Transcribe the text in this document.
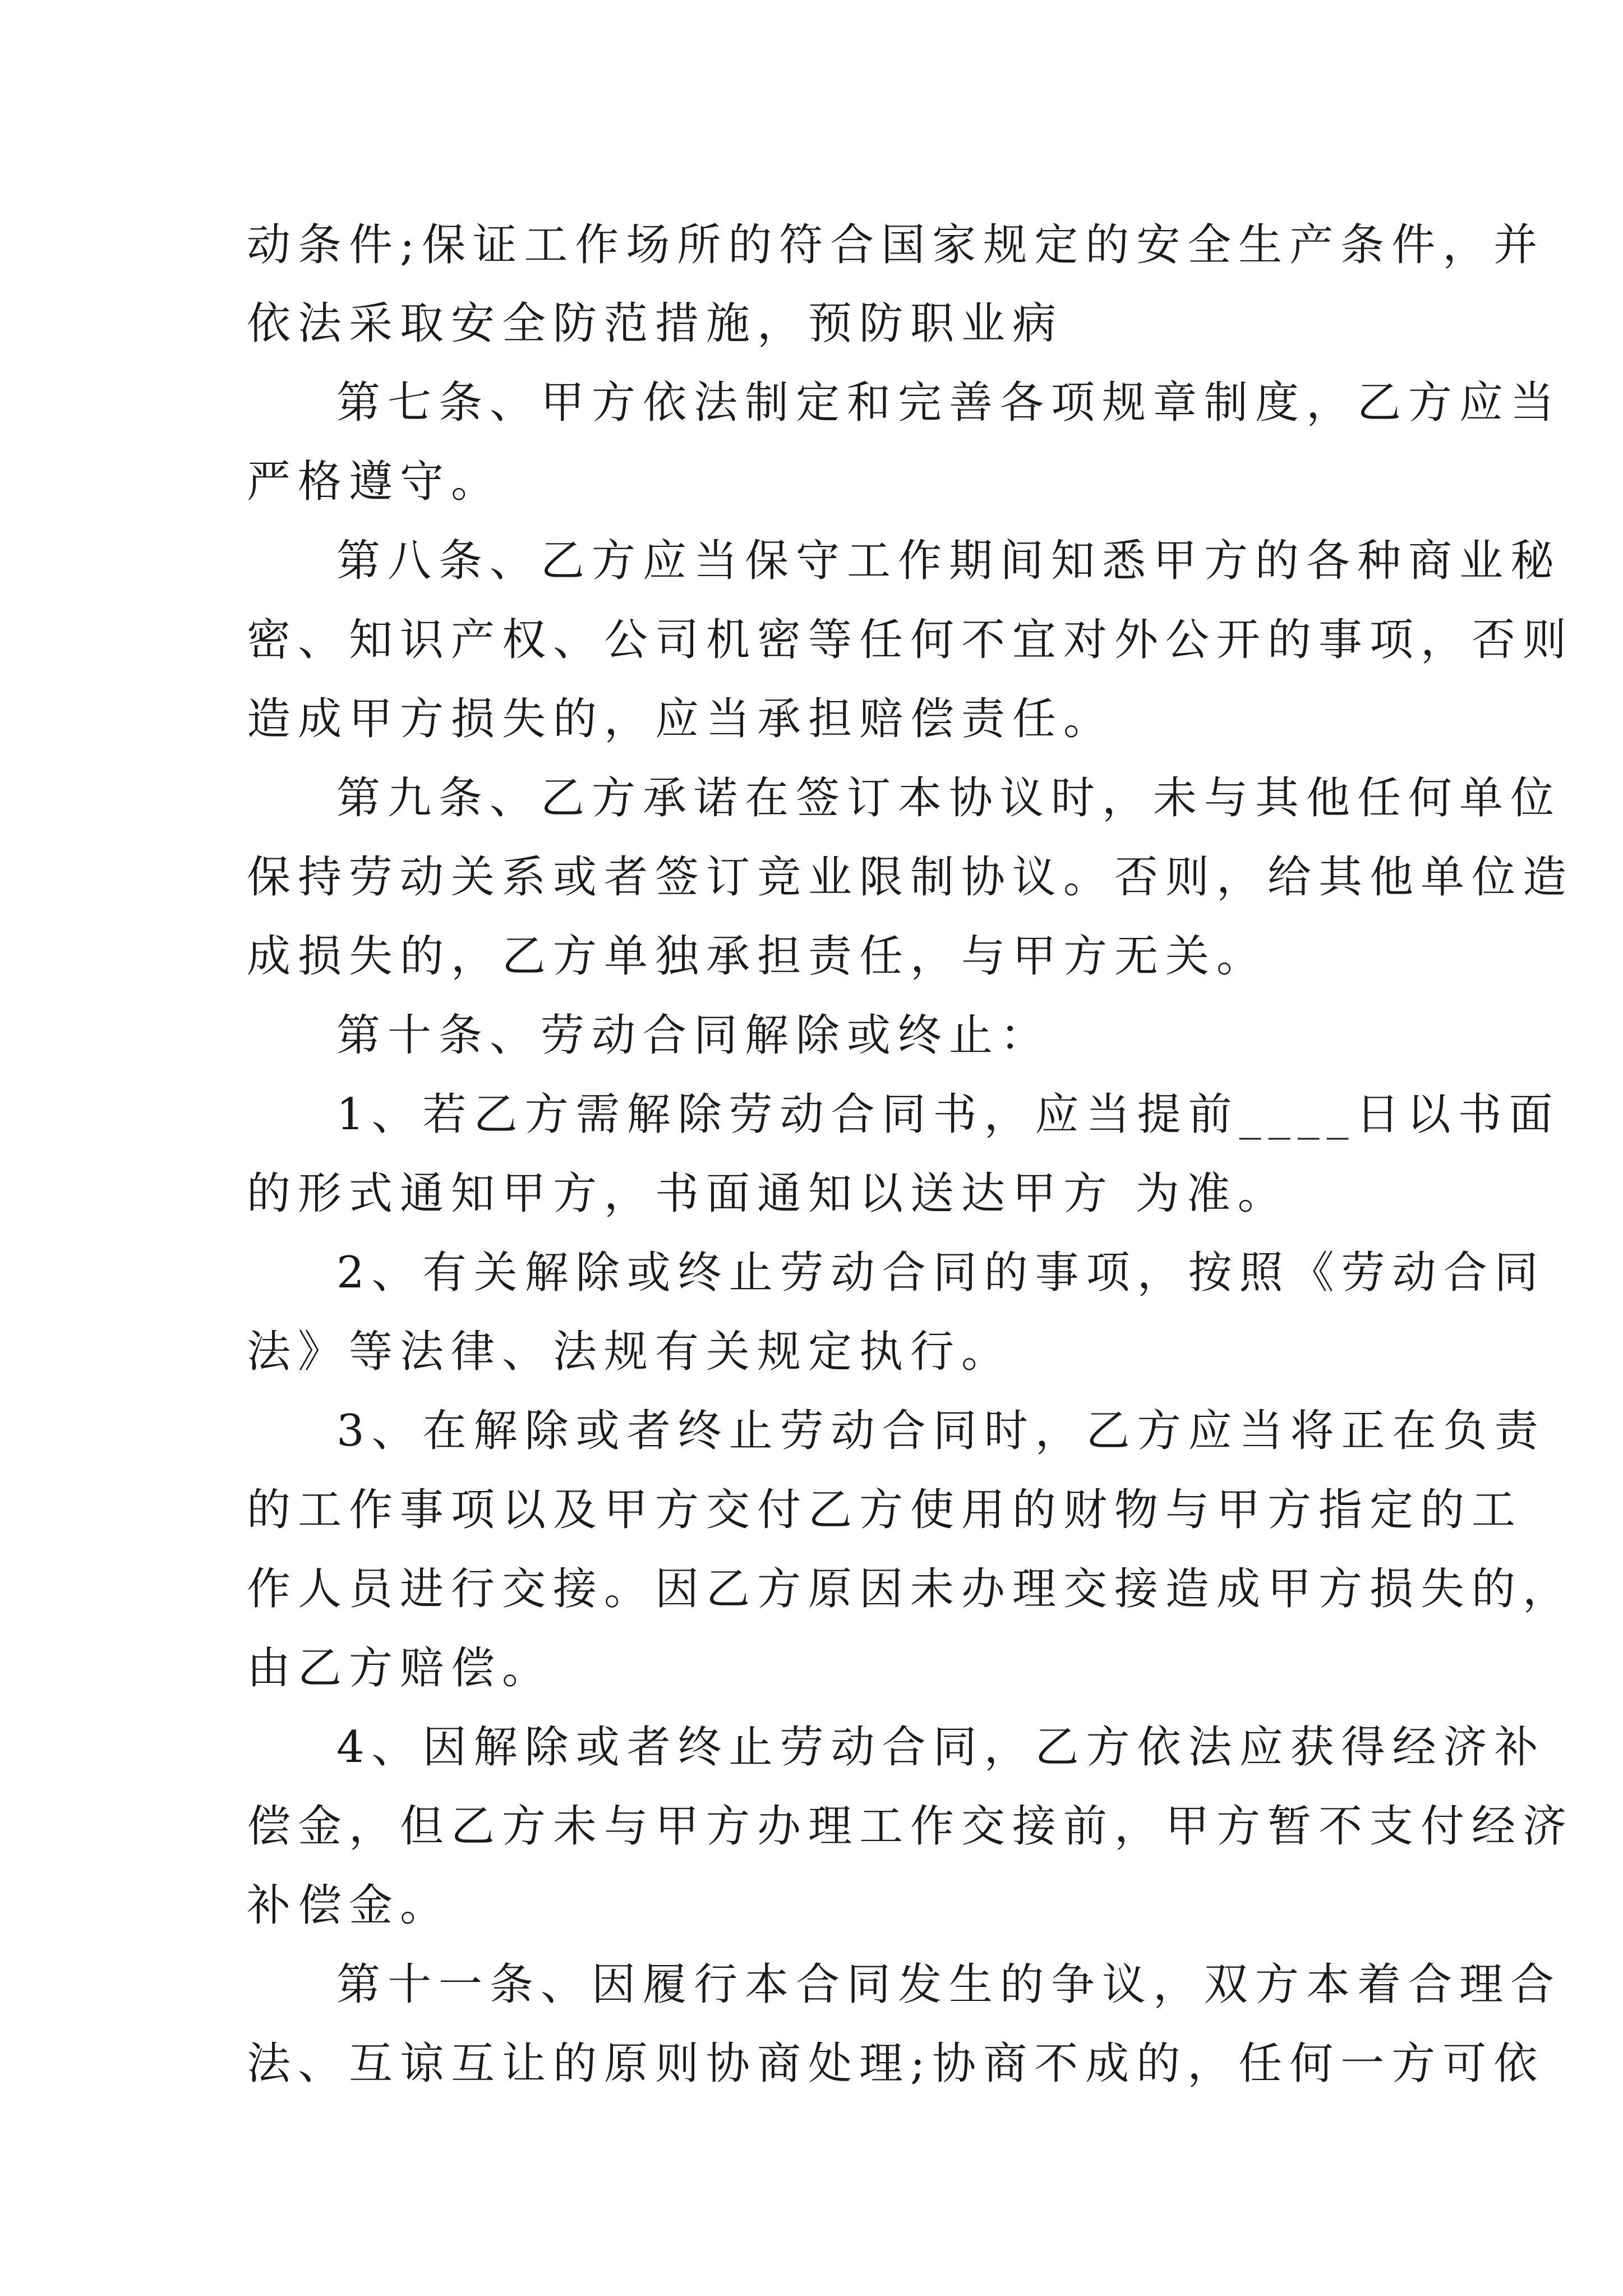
动条件;保证工作场所的符合国家规定的安全生产条件，并
依法采取安全防范措施，预防职业病
第七条、甲方依法制定和完善各项规章制度，乙方应当
严格遵守。
第八条、乙方应当保守工作期间知悉甲方的各种商业秘
密、知识产权、公司机密等任何不宜对外公开的事项，否则
造成甲方损失的，应当承担赔偿责任。
第九条、乙方承诺在签订本协议时，未与其他任何单位
保持劳动关系或者签订竞业限制协议。否则，给其他单位造
成损失的，乙方单独承担责任，与甲方无关。
第十条、劳动合同解除或终止：
1、若乙方需解除劳动合同书，应当提前____日以书面
的形式通知甲方，书面通知以送达甲方 为准。
2、有关解除或终止劳动合同的事项，按照《劳动合同
法》等法律、法规有关规定执行。
3、在解除或者终止劳动合同时，乙方应当将正在负责
的工作事项以及甲方交付乙方使用的财物与甲方指定的工
作人员进行交接。因乙方原因未办理交接造成甲方损失的，
由乙方赔偿。
4、因解除或者终止劳动合同，乙方依法应获得经济补
偿金，但乙方未与甲方办理工作交接前，甲方暂不支付经济
补偿金。
第十一条、因履行本合同发生的争议，双方本着合理合
法、互谅互让的原则协商处理;协商不成的，任何一方可依
